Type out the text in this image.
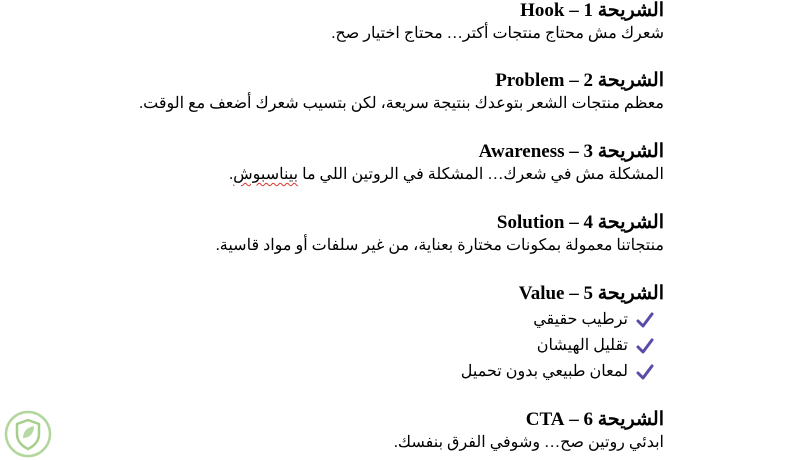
الشريحة 1 – Hook
شعرك مش محتاج منتجات أكتر… محتاج اختيار صح.
الشريحة 2 – Problem
معظم منتجات الشعر بتوعدك بنتيجة سريعة، لكن بتسيب شعرك أضعف مع الوقت.
الشريحة 3 – Awareness
المشكلة مش في شعرك… المشكلة في الروتين اللي ما بيناسبوش.
الشريحة 4 – Solution
منتجاتنا معمولة بمكونات مختارة بعناية، من غير سلفات أو مواد قاسية.
الشريحة 5 – Value
ترطيب حقيقي
تقليل الهيشان
لمعان طبيعي بدون تحميل
الشريحة 6 – CTA
ابدئي روتين صح… وشوفي الفرق بنفسك.
